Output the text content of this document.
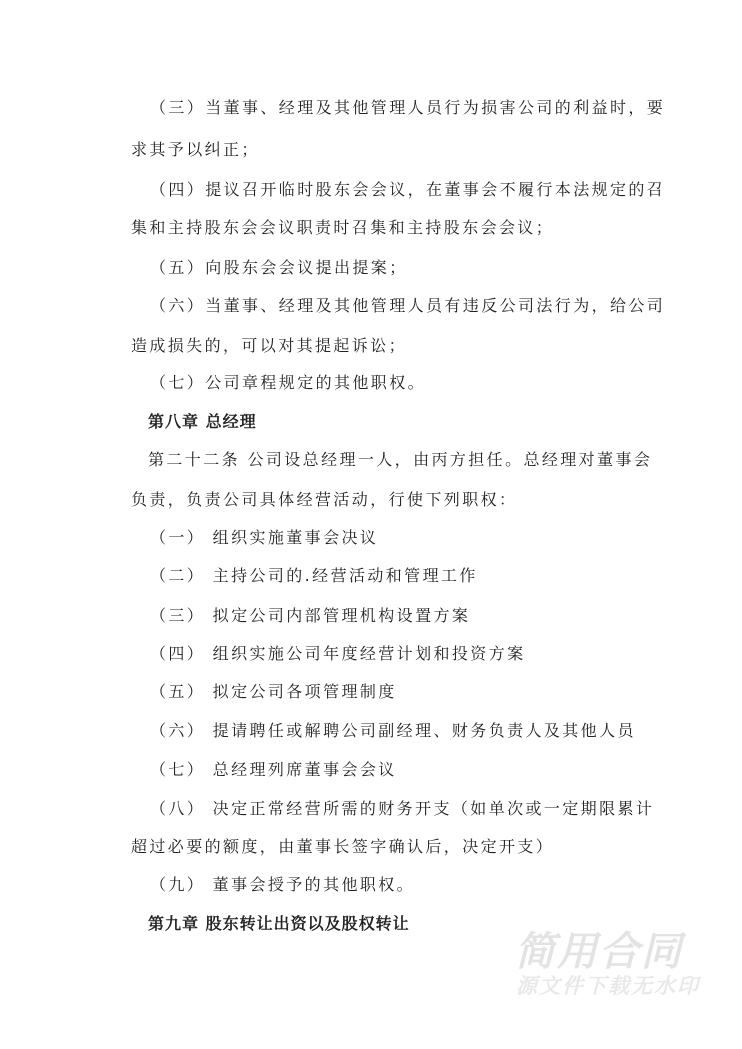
（三）当董事、经理及其他管理人员行为损害公司的利益时，要
求其予以纠正；
（四）提议召开临时股东会会议，在董事会不履行本法规定的召
集和主持股东会会议职责时召集和主持股东会会议；
（五）向股东会会议提出提案；
（六）当董事、经理及其他管理人员有违反公司法行为，给公司
造成损失的，可以对其提起诉讼；
（七）公司章程规定的其他职权。
第八章 总经理
第二十二条 公司设总经理一人，由丙方担任。总经理对董事会
负责，负责公司具体经营活动，行使下列职权：
（一） 组织实施董事会决议
（二） 主持公司的.经营活动和管理工作
（三） 拟定公司内部管理机构设置方案
（四） 组织实施公司年度经营计划和投资方案
（五） 拟定公司各项管理制度
（六） 提请聘任或解聘公司副经理、财务负责人及其他人员
（七） 总经理列席董事会会议
（八） 决定正常经营所需的财务开支（如单次或一定期限累计
超过必要的额度，由董事长签字确认后，决定开支）
（九） 董事会授予的其他职权。
第九章 股东转让出资以及股权转让
简用合同
源文件下载无水印
